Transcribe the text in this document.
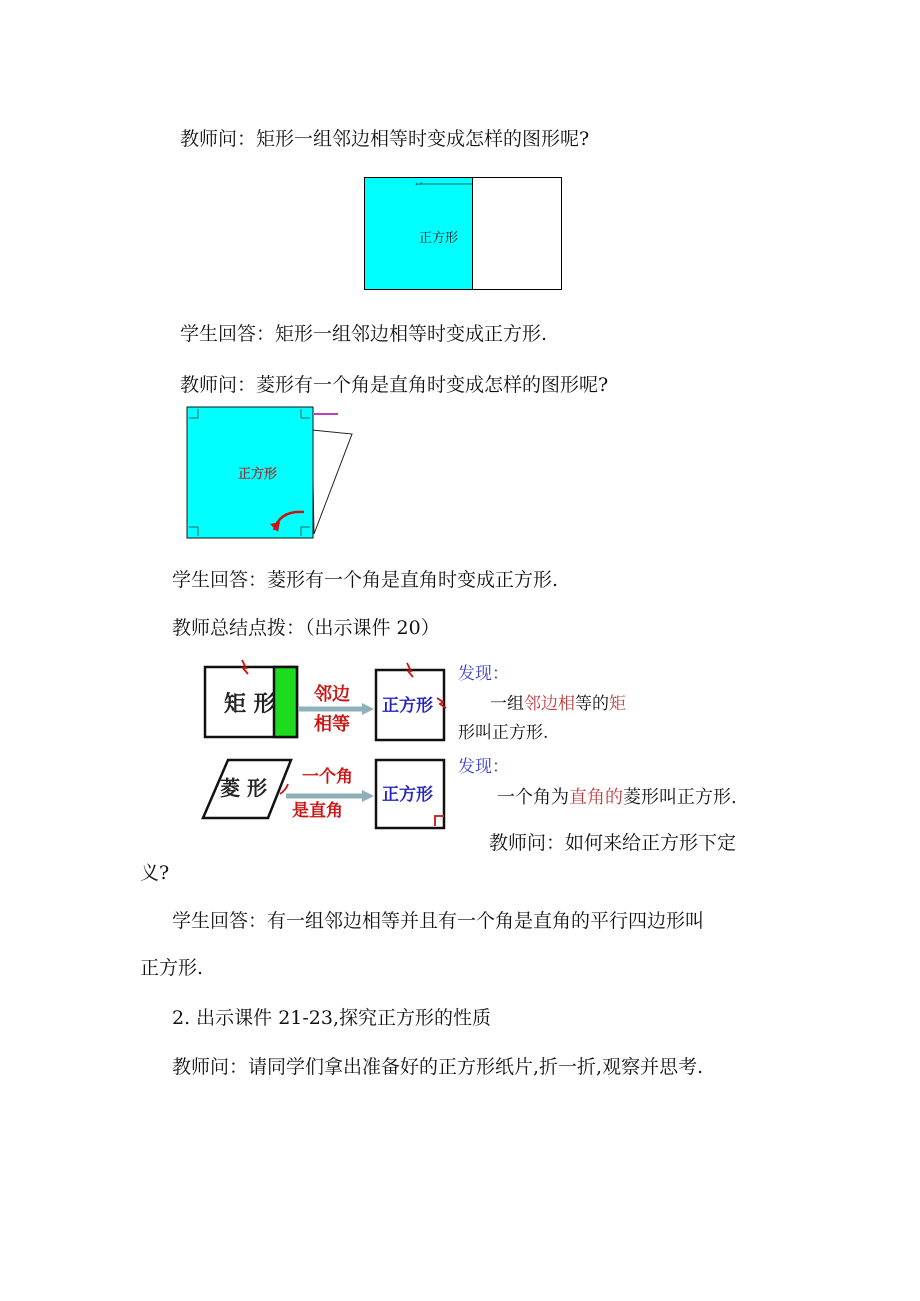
教师问：矩形一组邻边相等时变成怎样的图形呢?
↩
正方形
学生回答：矩形一组邻边相等时变成正方形.
教师问：菱形有一个角是直角时变成怎样的图形呢?
正方形
学生回答：菱形有一个角是直角时变成正方形.
教师总结点拨：（出示课件 20）
矩 形 邻边
相等
正方形
菱 形 一个角
是直角
正方形
发现：
一组邻边相等的矩
形叫正方形.
发现：
一个角为直角的菱形叫正方形.
教师问：如何来给正方形下定
义?
学生回答：有一组邻边相等并且有一个角是直角的平行四边形叫
正方形.
2. 出示课件 21-23,探究正方形的性质
教师问：请同学们拿出准备好的正方形纸片,折一折,观察并思考.
